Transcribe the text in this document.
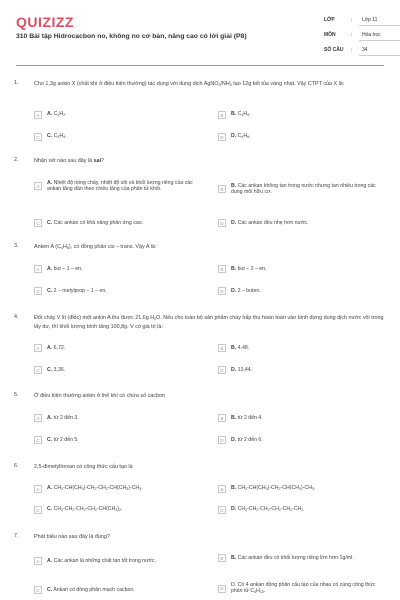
QUIZIZZ
310 Bài tập Hidrocacbon no, không no cơ bản, nâng cao có lời giải (P8)
LỚP	: Lớp 11
MÔN	: Hóa học
SỐ CÂU : 34
1.	Cho 1,3g ankin X (chất khí ở điều kiện thường) tác dụng với dung dịch $AgNO_3/NH_3$ tạo 12g kết tủa vàng nhạt. Vậy CTPT của X là:
A	A. $C_2H_2$.	B	B. $C_3H_4$.
C	C. $C_3H_4$.	D	D. $C_4H_6$.
2.	Nhận xét nào sau đây là sai?
A
A. Nhiệt độ nóng chảy, nhiệt độ sôi và khối lượng riêng của các ankan tăng dần theo chiều tăng của phân tử khối.	B
B. Các ankan không tan trong nước nhưng tan nhiều trong các dung môi hữu cơ.
C	C. Các ankan có khả năng phản ứng cao.	D	D. Các ankan đều nhẹ hơn nước.
3.	Anken A $(C_4H_8)$, có đồng phân cis – trans. Vậy A là:
A	A. but – 1 – en.	B	B. but – 2 – en.
C	C. 2 – metylprop – 1 – en.	D	D. 2 – buten.
4.	Đốt cháy V lít (đktc) một ankin A thu được 21,6g $H_2O$. Nếu cho toàn bộ sản phẩm cháy hấp thụ hoàn toàn vào bình đựng dung dịch nước vôi trong lấy dư, thì khối lượng bình tăng 100,8g. V có giá trị là:
A	A. 6,72.	B	B. 4,48.
C	C. 3,36.	D	D. 13,44.
5.	Ở điều kiện thường ankin ở thể khí có chứa số cacbon
A	A. từ 2 đến 3.	B	B. từ 2 đến 4.
C	C. từ 2 đến 5.	D	D. từ 2 đến 6.
6.	2,5-đimetylhexan có công thức cấu tạo là
A	A. $CH_3-CH(CH_3)-CH_2-CH_2-CH(CH_3)-CH_3$.	B	B. $CH_3-CH(CH_3)-CH_2-CH(CH_3)-CH_3$.
C	C. $CH_3-CH_2-CH_2-CH_2-CH(CH_3)_2$.	D	D. $CH_3-CH_2-CH_2-CH_2-CH_2-CH_3$
7.	Phát biểu nào sau đây là đúng?
A	A. Các ankan là những chất tan tốt trong nước.	B	B. Các ankan đều có khối lượng riêng lớn hơn 1g/ml.
C	C. Ankan có đồng phân mạch cacbon.	D
D. Có 4 ankan đồng phân cấu tạo của nhau có cùng công thức phân tử $C_4H_{10}$.
